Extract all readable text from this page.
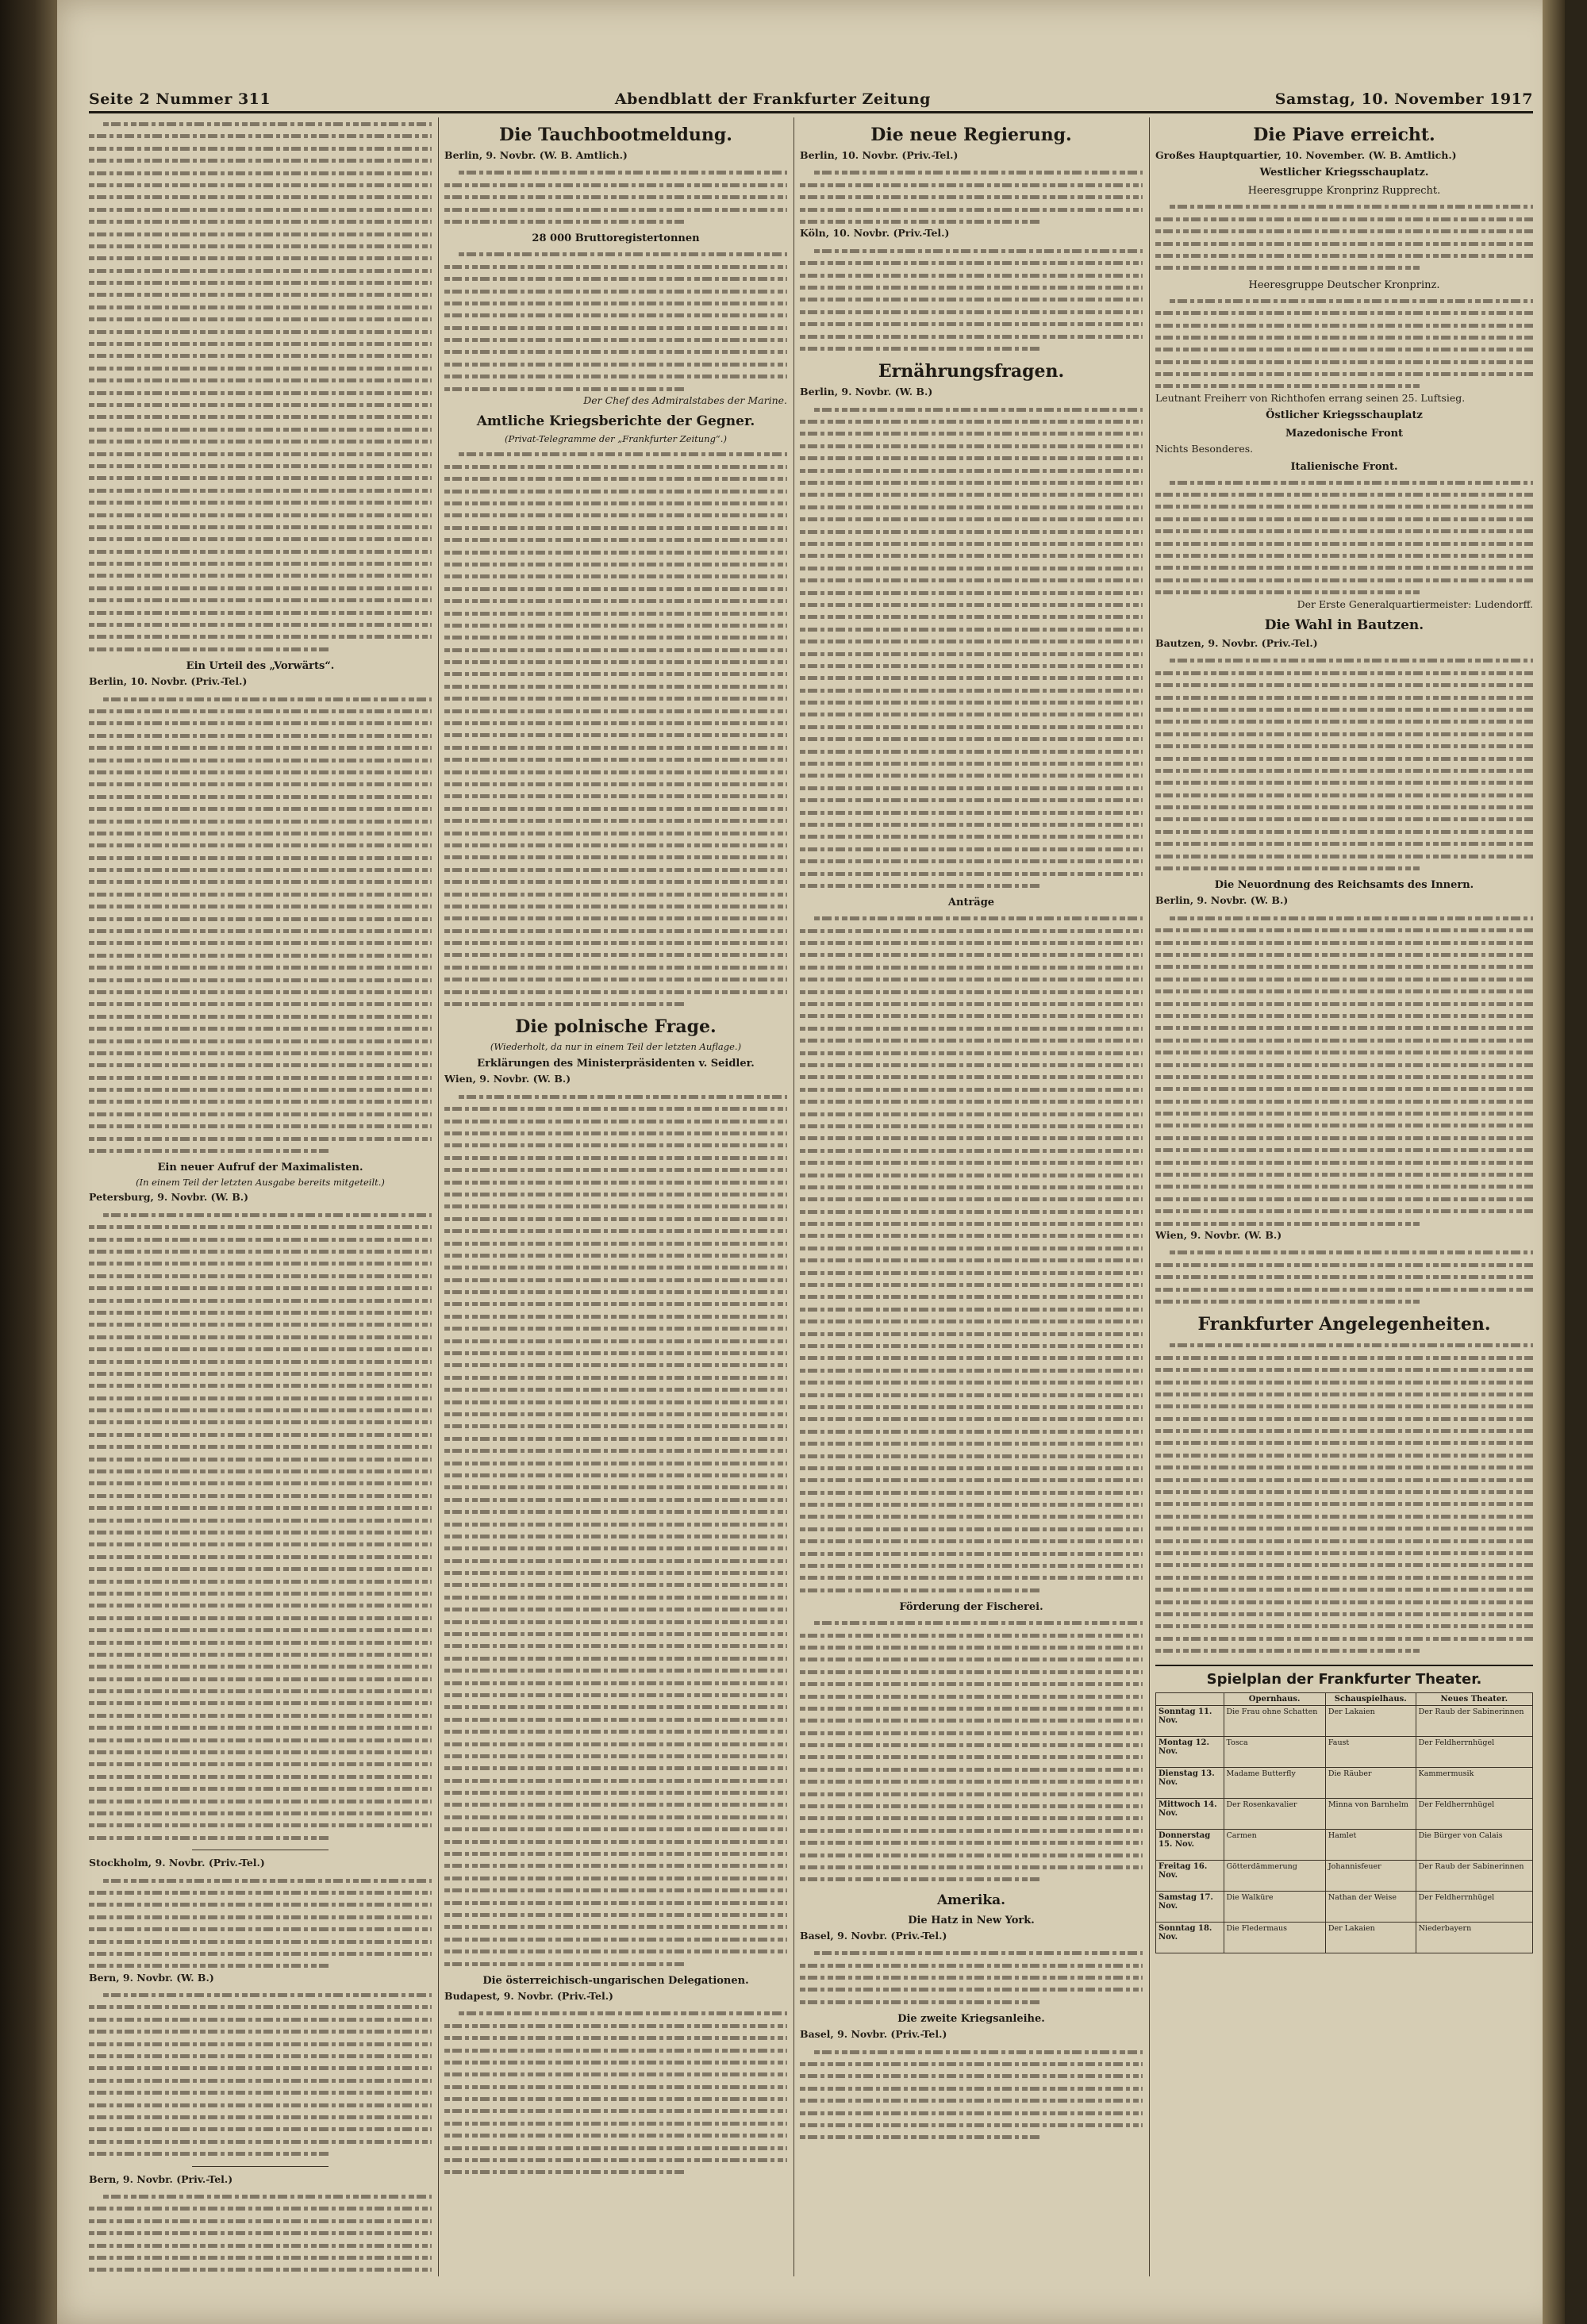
Seite 2 Nummer 311	Abendblatt der Frankfurter Zeitung	Samstag, 10. November 1917
Ein Urteil des „Vorwärts“.
Berlin, 10. Novbr. (Priv.-Tel.)
Ein neuer Aufruf der Maximalisten.
(In einem Teil der letzten Ausgabe bereits mitgeteilt.)
Petersburg, 9. Novbr. (W. B.)
Stockholm, 9. Novbr. (Priv.-Tel.)
Bern, 9. Novbr. (W. B.)
Bern, 9. Novbr. (Priv.-Tel.)
Die Tauchbootmeldung.
Berlin, 9. Novbr. (W. B. Amtlich.)
28 000 Bruttoregistertonnen
Der Chef des Admiralstabes der Marine.
Amtliche Kriegsberichte der Gegner.
(Privat-Telegramme der „Frankfurter Zeitung“.)
Die polnische Frage.
(Wiederholt, da nur in einem Teil der letzten Auflage.)
Erklärungen des Ministerpräsidenten v. Seidler.
Wien, 9. Novbr. (W. B.)
Die österreichisch-ungarischen Delegationen.
Budapest, 9. Novbr. (Priv.-Tel.)
Die neue Regierung.
Berlin, 10. Novbr. (Priv.-Tel.)
Köln, 10. Novbr. (Priv.-Tel.)
Ernährungsfragen.
Berlin, 9. Novbr. (W. B.)
Anträge
Förderung der Fischerei.
Amerika.
Die Hatz in New York.
Basel, 9. Novbr. (Priv.-Tel.)
Die zweite Kriegsanleihe.
Basel, 9. Novbr. (Priv.-Tel.)
Die Piave erreicht.
Großes Hauptquartier, 10. November. (W. B. Amtlich.)
Westlicher Kriegsschauplatz.
Heeresgruppe Kronprinz Rupprecht.
Heeresgruppe Deutscher Kronprinz.
Leutnant Freiherr von Richthofen errang seinen 25. Luftsieg.
Östlicher Kriegsschauplatz
Mazedonische Front
Nichts Besonderes.
Italienische Front.
Der Erste Generalquartiermeister: Ludendorff.
Die Wahl in Bautzen.
Bautzen, 9. Novbr. (Priv.-Tel.)
Die Neuordnung des Reichsamts des Innern.
Berlin, 9. Novbr. (W. B.)
Wien, 9. Novbr. (W. B.)
Frankfurter Angelegenheiten.
Spielplan der Frankfurter Theater.
	Opernhaus.	Schauspielhaus.	Neues Theater.
Sonntag 11. Nov.	Die Frau ohne Schatten	Der Lakaien	Der Raub der Sabinerinnen
Montag 12. Nov.	Tosca	Faust	Der Feldherrnhügel
Dienstag 13. Nov.	Madame Butterfly	Die Räuber	Kammermusik
Mittwoch 14. Nov.	Der Rosenkavalier	Minna von Barnhelm	Der Feldherrnhügel
Donnerstag 15. Nov.	Carmen	Hamlet	Die Bürger von Calais
Freitag 16. Nov.	Götterdämmerung	Johannisfeuer	Der Raub der Sabinerinnen
Samstag 17. Nov.	Die Walküre	Nathan der Weise	Der Feldherrnhügel
Sonntag 18. Nov.	Die Fledermaus	Der Lakaien	Niederbayern
